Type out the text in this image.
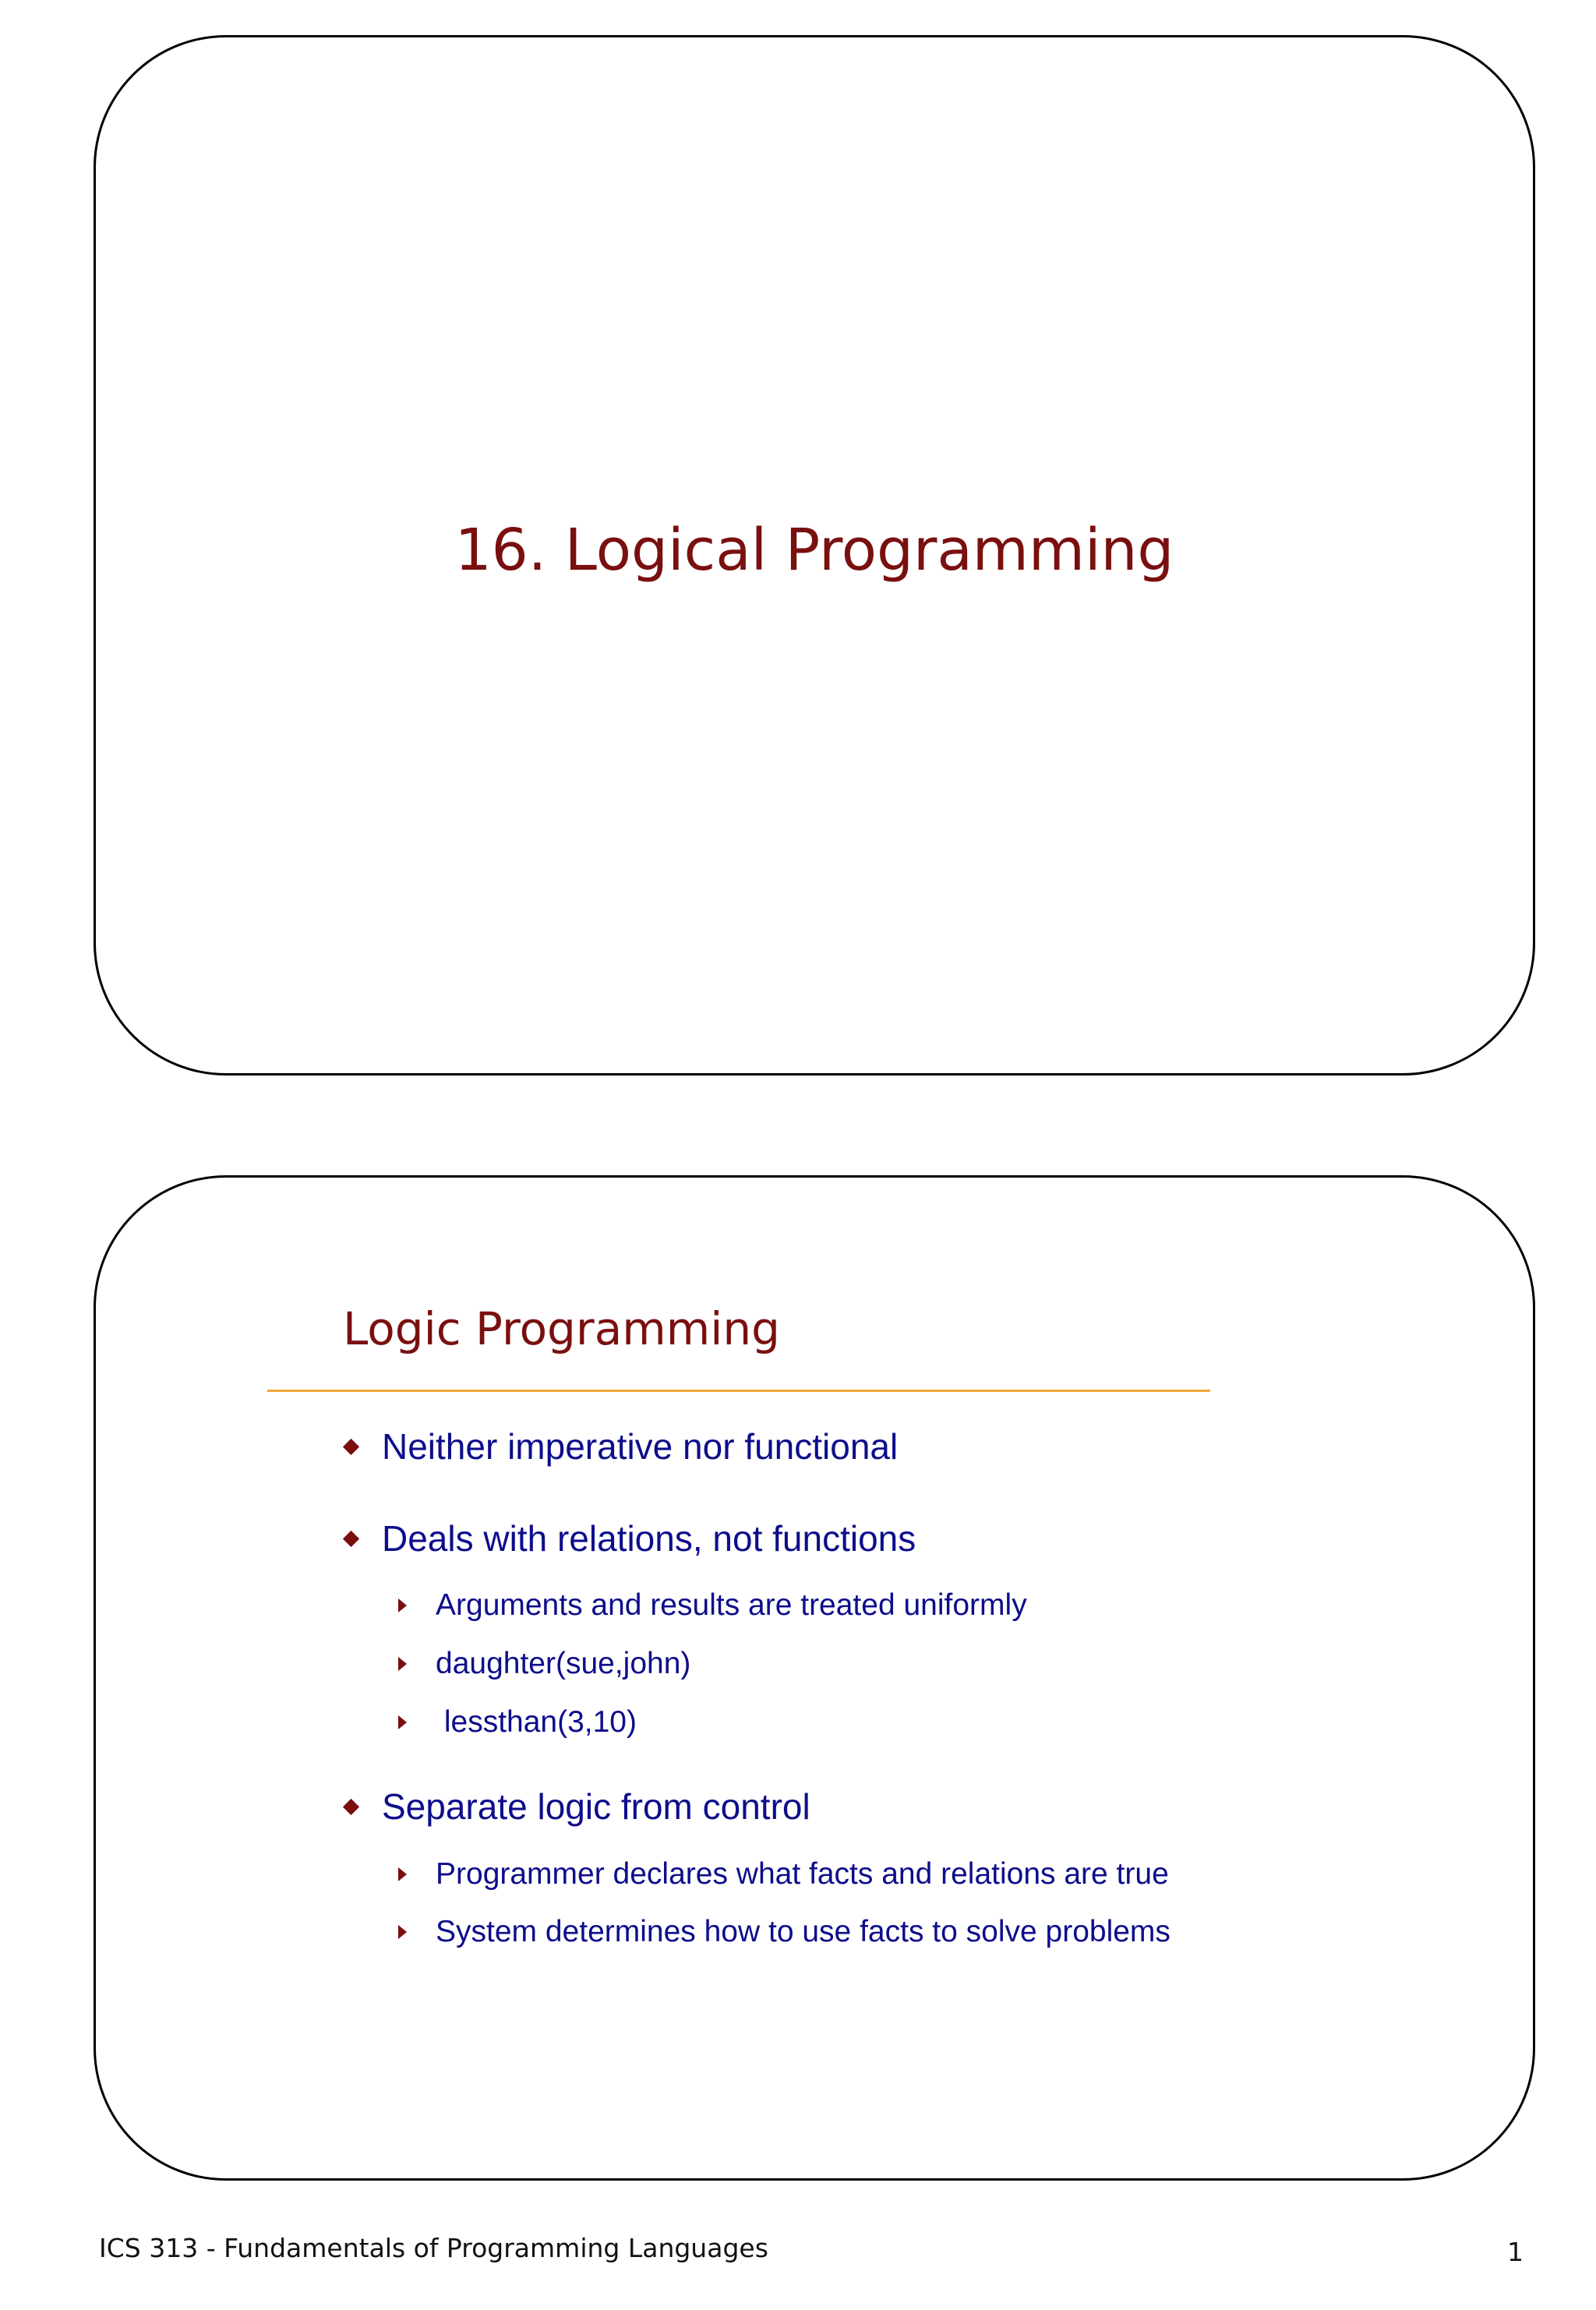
16. Logical Programming
Logic Programming
Neither imperative nor functional
Deals with relations, not functions
Arguments and results are treated uniformly
daughter(sue,john)
lessthan(3,10)
Separate logic from control
Programmer declares what facts and relations are true
System determines how to use facts to solve problems
ICS 313 - Fundamentals of Programming Languages	1
